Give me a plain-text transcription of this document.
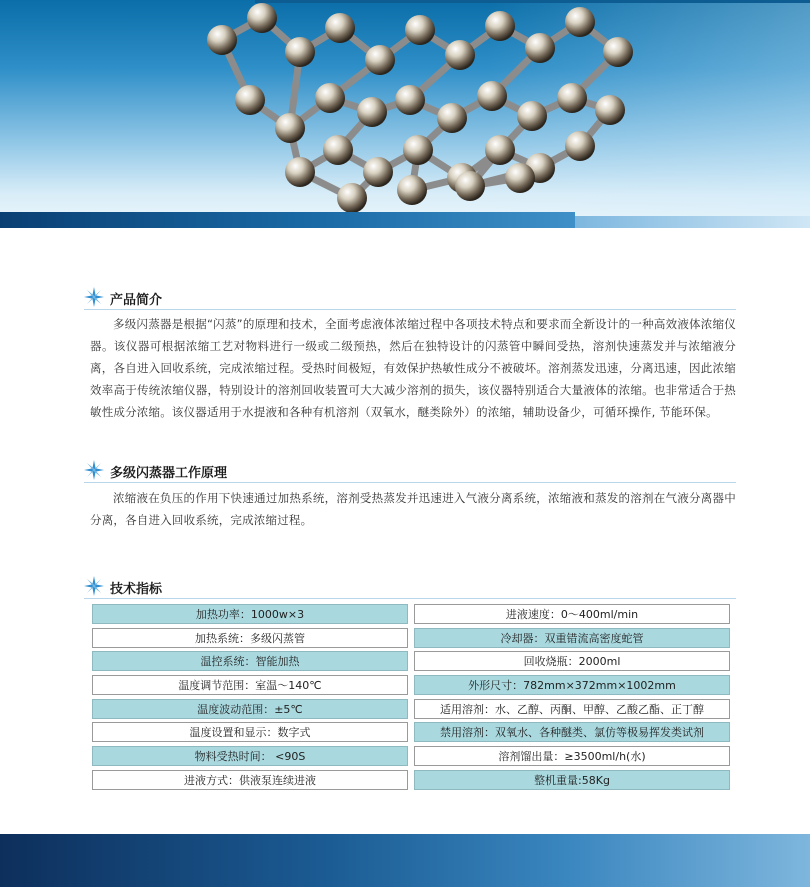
产品简介
多级闪蒸器是根据“闪蒸”的原理和技术，全面考虑液体浓缩过程中各项技术特点和要求而全新设计的一种高效液体浓缩仪器。该仪器可根据浓缩工艺对物料进行一级或二级预热，然后在独特设计的闪蒸管中瞬间受热，溶剂快速蒸发并与浓缩液分离，各自进入回收系统，完成浓缩过程。受热时间极短，有效保护热敏性成分不被破坏。溶剂蒸发迅速，分离迅速，因此浓缩效率高于传统浓缩仪器，特别设计的溶剂回收装置可大大减少溶剂的损失，该仪器特别适合大量液体的浓缩。也非常适合于热敏性成分浓缩。该仪器适用于水提液和各种有机溶剂（双氧水，醚类除外）的浓缩，辅助设备少，可循环操作, 节能环保。
多级闪蒸器工作原理
浓缩液在负压的作用下快速通过加热系统，溶剂受热蒸发并迅速进入气液分离系统，浓缩液和蒸发的溶剂在气液分离器中分离，各自进入回收系统，完成浓缩过程。
技术指标
加热功率：1000w×3	进液速度：0～400ml/min
加热系统：多级闪蒸管	冷却器：双重错流高密度蛇管
温控系统：智能加热	回收烧瓶：2000ml
温度调节范围：室温～140℃	外形尺寸：782mm×372mm×1002mm
温度波动范围：±5℃	适用溶剂：水、乙醇、丙酮、甲醇、乙酸乙酯、正丁醇
温度设置和显示：数字式	禁用溶剂：双氧水、各种醚类、氯仿等极易挥发类试剂
物料受热时间： <90S	溶剂馏出量：≥3500ml/h(水)
进液方式：供液泵连续进液	整机重量:58Kg
